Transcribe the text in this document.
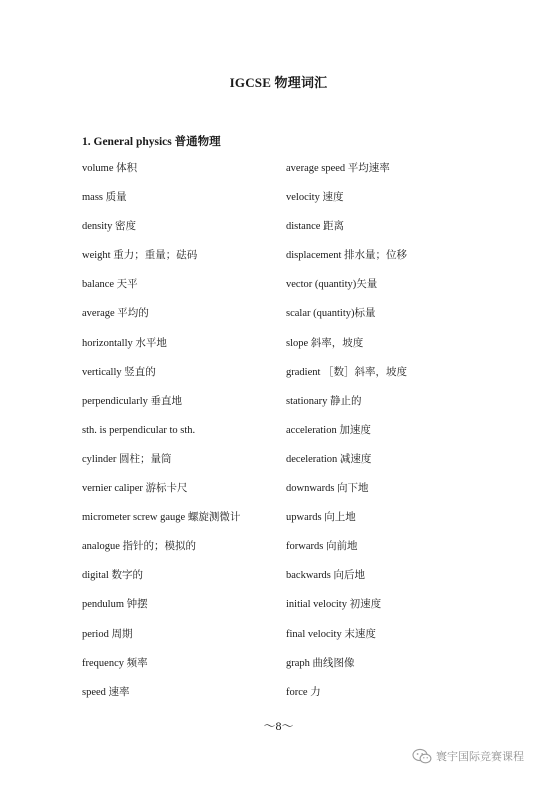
IGCSE 物理词汇
1. General physics 普通物理
volume 体积
mass 质量
density 密度
weight 重力；重量；砝码
balance 天平
average 平均的
horizontally 水平地
vertically 竖直的
perpendicularly 垂直地
sth. is perpendicular to sth.
cylinder 圆柱；量筒
vernier caliper 游标卡尺
micrometer screw gauge 螺旋测微计
analogue 指针的；模拟的
digital 数字的
pendulum 钟摆
period 周期
frequency 频率
speed 速率
average speed 平均速率
velocity 速度
distance 距离
displacement 排水量；位移
vector (quantity)矢量
scalar (quantity)标量
slope 斜率，坡度
gradient ［数］斜率，坡度
stationary 静止的
acceleration 加速度
deceleration 减速度
downwards 向下地
upwards 向上地
forwards 向前地
backwards 向后地
initial velocity 初速度
final velocity 末速度
graph 曲线图像
force 力
～8～
寰宇国际竞赛课程
